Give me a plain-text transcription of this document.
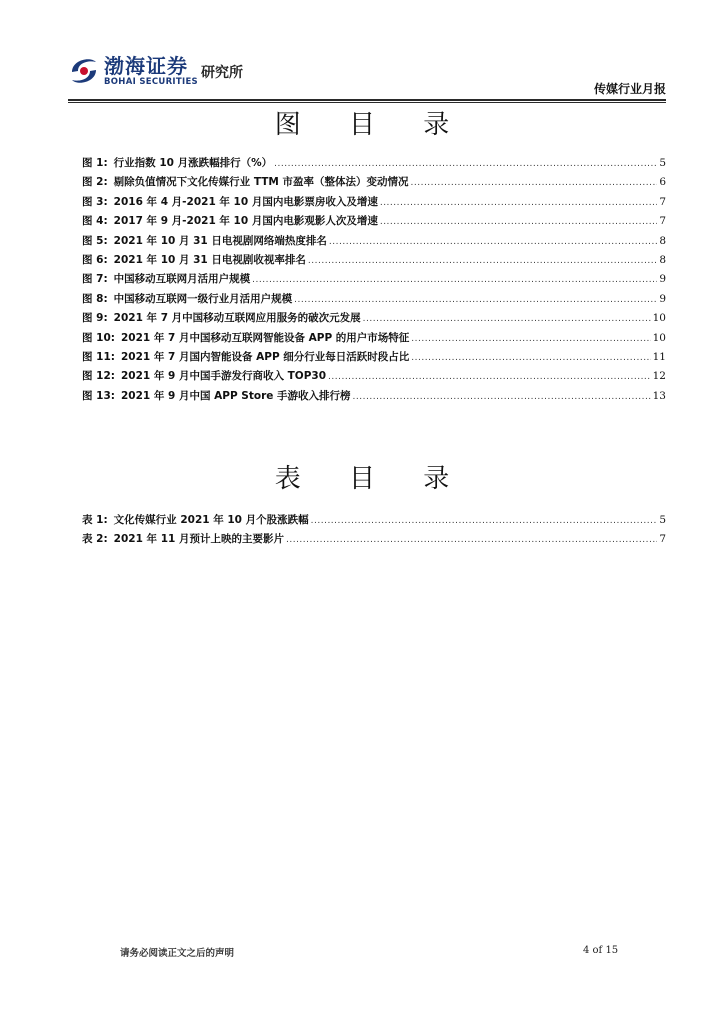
渤海证券
BOHAI SECURITIES
研究所
传媒行业月报
图 目 录
图 1: 行业指数 10 月涨跌幅排行（%） .....	5
图 2: 剔除负值情况下文化传媒行业 TTM 市盈率（整体法）变动情况 .....	6
图 3: 2016 年 4 月-2021 年 10 月国内电影票房收入及增速 .....	7
图 4: 2017 年 9 月-2021 年 10 月国内电影观影人次及增速 .....	7
图 5: 2021 年 10 月 31 日电视剧网络端热度排名 .....	8
图 6: 2021 年 10 月 31 日电视剧收视率排名 .....	8
图 7: 中国移动互联网月活用户规模 .....	9
图 8: 中国移动互联网一级行业月活用户规模 .....	9
图 9: 2021 年 7 月中国移动互联网应用服务的破次元发展 .....	10
图 10: 2021 年 7 月中国移动互联网智能设备 APP 的用户市场特征 .....	10
图 11: 2021 年 7 月国内智能设备 APP 细分行业每日活跃时段占比 .....	11
图 12: 2021 年 9 月中国手游发行商收入 TOP30 .....	12
图 13: 2021 年 9 月中国 APP Store 手游收入排行榜 .....	13
表 目 录
表 1: 文化传媒行业 2021 年 10 月个股涨跌幅 .....	5
表 2: 2021 年 11 月预计上映的主要影片 .....	7
请务必阅读正文之后的声明	4 of 15
